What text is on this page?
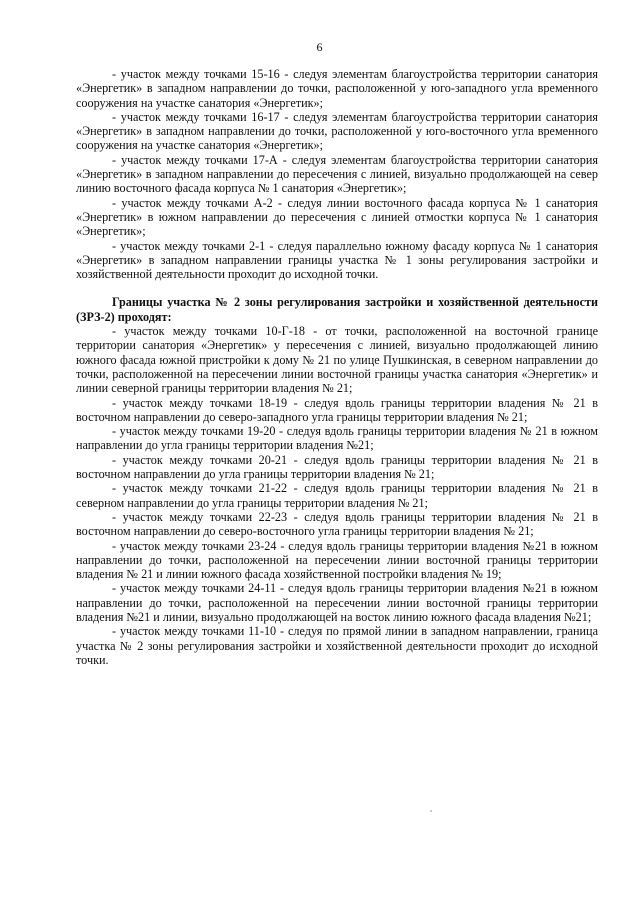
6

- участок между точками 15-16 - следуя элементам благоустройства территории санатория «Энергетик» в западном направлении до точки, расположенной у юго-западного угла временного сооружения на участке санатория «Энергетик»;

- участок между точками 16-17 - следуя элементам благоустройства территории санатория «Энергетик» в западном направлении до точки, расположенной у юго-восточного угла временного сооружения на участке санатория «Энергетик»;

- участок между точками 17-А - следуя элементам благоустройства территории санатория «Энергетик» в западном направлении до пересечения с линией, визуально продолжающей на север линию восточного фасада корпуса № 1 санатория «Энергетик»;

- участок между точками А-2 - следуя линии восточного фасада корпуса № 1 санатория «Энергетик» в южном направлении до пересечения с линией отмостки корпуса № 1 санатория «Энергетик»;

- участок между точками 2-1 - следуя параллельно южному фасаду корпуса № 1 санатория «Энергетик» в западном направлении границы участка № 1 зоны регулирования застройки и хозяйственной деятельности проходит до исходной точки.

Границы участка № 2 зоны регулирования застройки и хозяйственной деятельности (ЗРЗ-2) проходят:

- участок между точками 10-Г-18 - от точки, расположенной на восточной границе территории санатория «Энергетик» у пересечения с линией, визуально продолжающей линию южного фасада южной пристройки к дому № 21 по улице Пушкинская, в северном направлении до точки, расположенной на пересечении линии восточной границы участка санатория «Энергетик» и линии северной границы территории владения № 21;

- участок между точками 18-19 - следуя вдоль границы территории владения № 21 в восточном направлении до северо-западного угла границы территории владения № 21;

- участок между точками 19-20 - следуя вдоль границы территории владения № 21 в южном направлении до угла границы территории владения №21;

- участок между точками 20-21 - следуя вдоль границы территории владения № 21 в восточном направлении до угла границы территории владения № 21;

- участок между точками 21-22 - следуя вдоль границы территории владения № 21 в северном направлении до угла границы территории владения № 21;

- участок между точками 22-23 - следуя вдоль границы территории владения № 21 в восточном направлении до северо-восточного угла границы территории владения № 21;

- участок между точками 23-24 - следуя вдоль границы территории владения №21 в южном направлении до точки, расположенной на пересечении линии восточной границы территории владения № 21 и линии южного фасада хозяйственной постройки владения № 19;

- участок между точками 24-11 - следуя вдоль границы территории владения №21 в южном направлении до точки, расположенной на пересечении линии восточной границы территории владения №21 и линии, визуально продолжающей на восток линию южного фасада владения №21;

- участок между точками 11-10 - следуя по прямой линии в западном направлении, граница участка № 2 зоны регулирования застройки и хозяйственной деятельности проходит до исходной точки.
